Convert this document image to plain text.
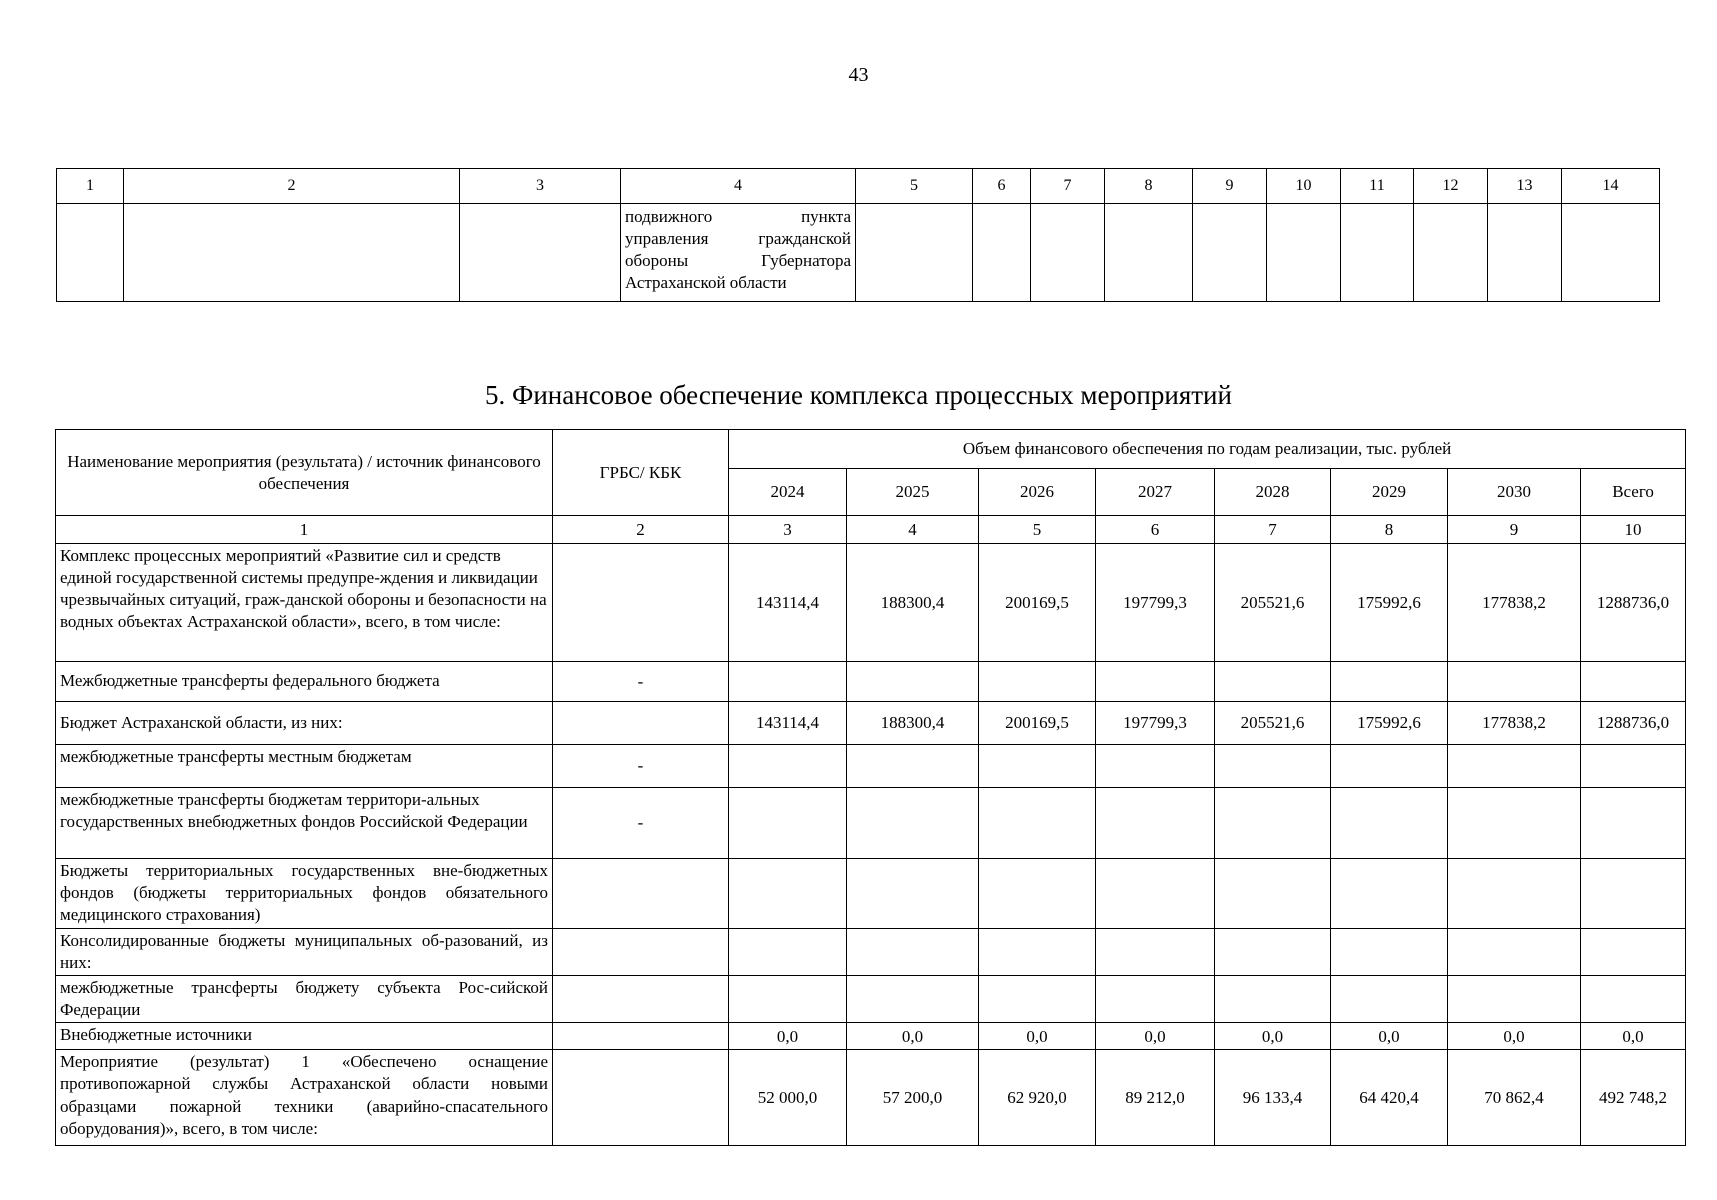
43
1	2	3	4	5	6	7	8	9	10	11	12	13	14
			подвижного пункта управления гражданской обороны Губернатора Астраханской области										
5. Финансовое обеспечение комплекса процессных мероприятий
Наименование мероприятия (результата) / источник финансового обеспечения	ГРБС/ КБК	Объем финансового обеспечения по годам реализации, тыс. рублей							
		2024	2025	2026	2027	2028	2029	2030	Всего
1	2	3	4	5	6	7	8	9	10
Комплекс процессных мероприятий «Развитие сил и средств единой государственной системы предупре-ждения и ликвидации чрезвычайных ситуаций, граж-данской обороны и безопасности на водных объектах Астраханской области», всего, в том числе:		143114,4	188300,4	200169,5	197799,3	205521,6	175992,6	177838,2	1288736,0
Межбюджетные трансферты федерального бюджета	-								
Бюджет Астраханской области, из них:		143114,4	188300,4	200169,5	197799,3	205521,6	175992,6	177838,2	1288736,0
межбюджетные трансферты местным бюджетам	-								
межбюджетные трансферты бюджетам территори-альных государственных внебюджетных фондов Российской Федерации	-								
Бюджеты территориальных государственных вне-бюджетных фондов (бюджеты территориальных фондов обязательного медицинского страхования)									
Консолидированные бюджеты муниципальных об-разований, из них:									
межбюджетные трансферты бюджету субъекта Рос-сийской Федерации									
Внебюджетные источники		0,0	0,0	0,0	0,0	0,0	0,0	0,0	0,0
Мероприятие (результат) 1 «Обеспечено оснащение противопожарной службы Астраханской области новыми образцами пожарной техники (аварийно-спасательного оборудования)», всего, в том числе:		52 000,0	57 200,0	62 920,0	89 212,0	96 133,4	64 420,4	70 862,4	492 748,2
